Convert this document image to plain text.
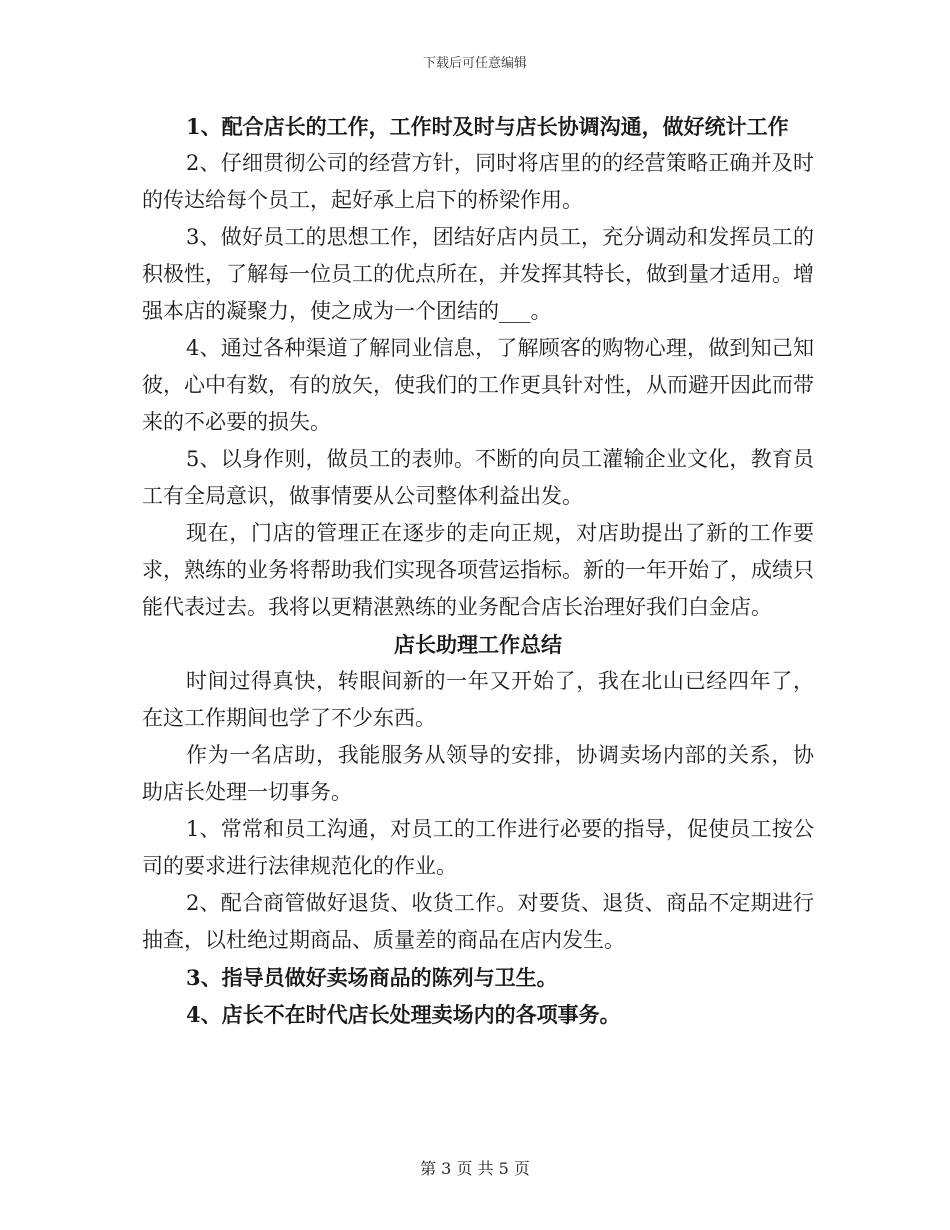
下载后可任意编辑

1、配合店长的工作，工作时及时与店长协调沟通，做好统计工作

2、仔细贯彻公司的经营方针，同时将店里的的经营策略正确并及时的传达给每个员工，起好承上启下的桥梁作用。

3、做好员工的思想工作，团结好店内员工，充分调动和发挥员工的积极性，了解每一位员工的优点所在，并发挥其特长，做到量才适用。增强本店的凝聚力，使之成为一个团结的___。

4、通过各种渠道了解同业信息，了解顾客的购物心理，做到知己知彼，心中有数，有的放矢，使我们的工作更具针对性，从而避开因此而带来的不必要的损失。

5、以身作则，做员工的表帅。不断的向员工灌输企业文化，教育员工有全局意识，做事情要从公司整体利益出发。

现在，门店的管理正在逐步的走向正规，对店助提出了新的工作要求，熟练的业务将帮助我们实现各项营运指标。新的一年开始了，成绩只能代表过去。我将以更精湛熟练的业务配合店长治理好我们白金店。

店长助理工作总结

时间过得真快，转眼间新的一年又开始了，我在北山已经四年了，在这工作期间也学了不少东西。

作为一名店助，我能服务从领导的安排，协调卖场内部的关系，协助店长处理一切事务。

1、常常和员工沟通，对员工的工作进行必要的指导，促使员工按公司的要求进行法律规范化的作业。

2、配合商管做好退货、收货工作。对要货、退货、商品不定期进行抽查，以杜绝过期商品、质量差的商品在店内发生。

3、指导员做好卖场商品的陈列与卫生。

4、店长不在时代店长处理卖场内的各项事务。

第 3 页 共 5 页
